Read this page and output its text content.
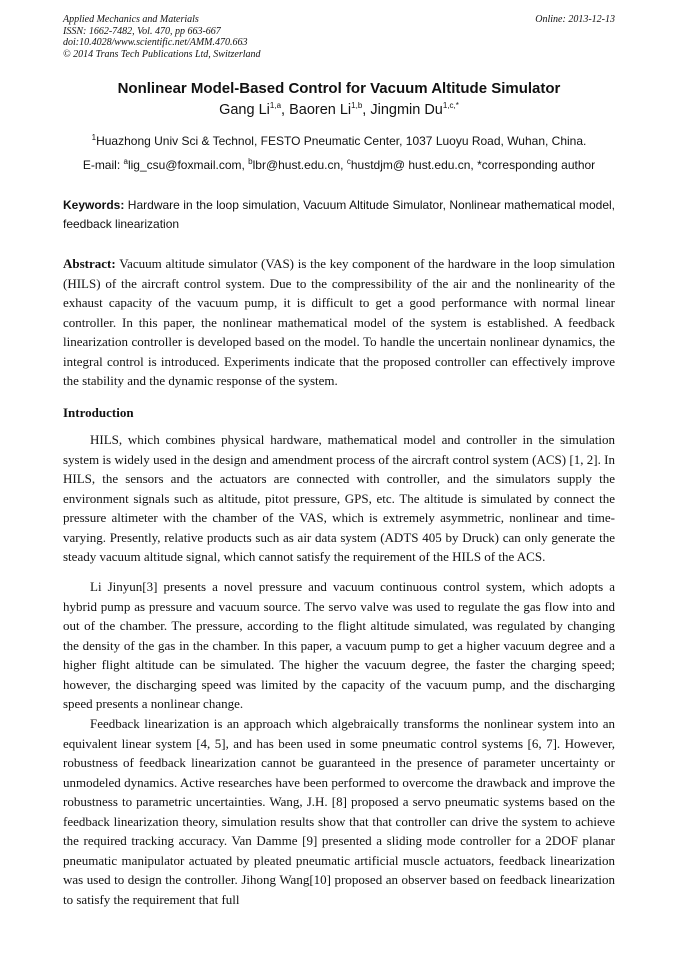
Applied Mechanics and Materials
ISSN: 1662-7482, Vol. 470, pp 663-667
doi:10.4028/www.scientific.net/AMM.470.663
© 2014 Trans Tech Publications Ltd, Switzerland
Online: 2013-12-13
Nonlinear Model-Based Control for Vacuum Altitude Simulator
Gang Li$^{1,a}$, Baoren Li$^{1,b}$, Jingmin $Du^{1,c,*}$
$^1$Huazhong Univ Sci & Technol, FESTO Pneumatic Center, 1037 Luoyu Road, Wuhan, China.
E-mail: $^a$lig_csu@foxmail.com, $^b$lbr@hust.edu.cn, $^c$hustdjm@ hust.edu.cn, *corresponding author
Keywords: Hardware in the loop simulation, Vacuum Altitude Simulator, Nonlinear mathematical model, feedback linearization

Abstract: Vacuum altitude simulator (VAS) is the key component of the hardware in the loop simulation (HILS) of the aircraft control system. Due to the compressibility of the air and the nonlinearity of the exhaust capacity of the vacuum pump, it is difficult to get a good performance with normal linear controller. In this paper, the nonlinear mathematical model of the system is established. A feedback linearization controller is developed based on the model. To handle the uncertain nonlinear dynamics, the integral control is introduced. Experiments indicate that the proposed controller can effectively improve the stability and the dynamic response of the system.

Introduction

HILS, which combines physical hardware, mathematical model and controller in the simulation system is widely used in the design and amendment process of the aircraft control system (ACS) [1, 2]. In HILS, the sensors and the actuators are connected with controller, and the simulators supply the environment signals such as altitude, pitot pressure, GPS, etc. The altitude is simulated by connect the pressure altimeter with the chamber of the VAS, which is extremely asymmetric, nonlinear and time-varying. Presently, relative products such as air data system (ADTS 405 by Druck) can only generate the steady vacuum altitude signal, which cannot satisfy the requirement of the HILS of the ACS.

Li Jinyun[3] presents a novel pressure and vacuum continuous control system, which adopts a hybrid pump as pressure and vacuum source. The servo valve was used to regulate the gas flow into and out of the chamber. The pressure, according to the flight altitude simulated, was regulated by changing the density of the gas in the chamber. In this paper, a vacuum pump to get a higher vacuum degree and a higher flight altitude can be simulated. The higher the vacuum degree, the faster the charging speed; however, the discharging speed was limited by the capacity of the vacuum pump, and the discharging speed presents a nonlinear change.

Feedback linearization is an approach which algebraically transforms the nonlinear system into an equivalent linear system [4, 5], and has been used in some pneumatic control systems [6, 7]. However, robustness of feedback linearization cannot be guaranteed in the presence of parameter uncertainty or unmodeled dynamics. Active researches have been performed to overcome the drawback and improve the robustness to parametric uncertainties. Wang, J.H. [8] proposed a servo pneumatic systems based on the feedback linearization theory, simulation results show that that controller can drive the system to achieve the required tracking accuracy. Van Damme [9] presented a sliding mode controller for a 2DOF planar pneumatic manipulator actuated by pleated pneumatic artificial muscle actuators, feedback linearization was used to design the controller. Jihong Wang[10] proposed an observer based on feedback linearization to satisfy the requirement that full
